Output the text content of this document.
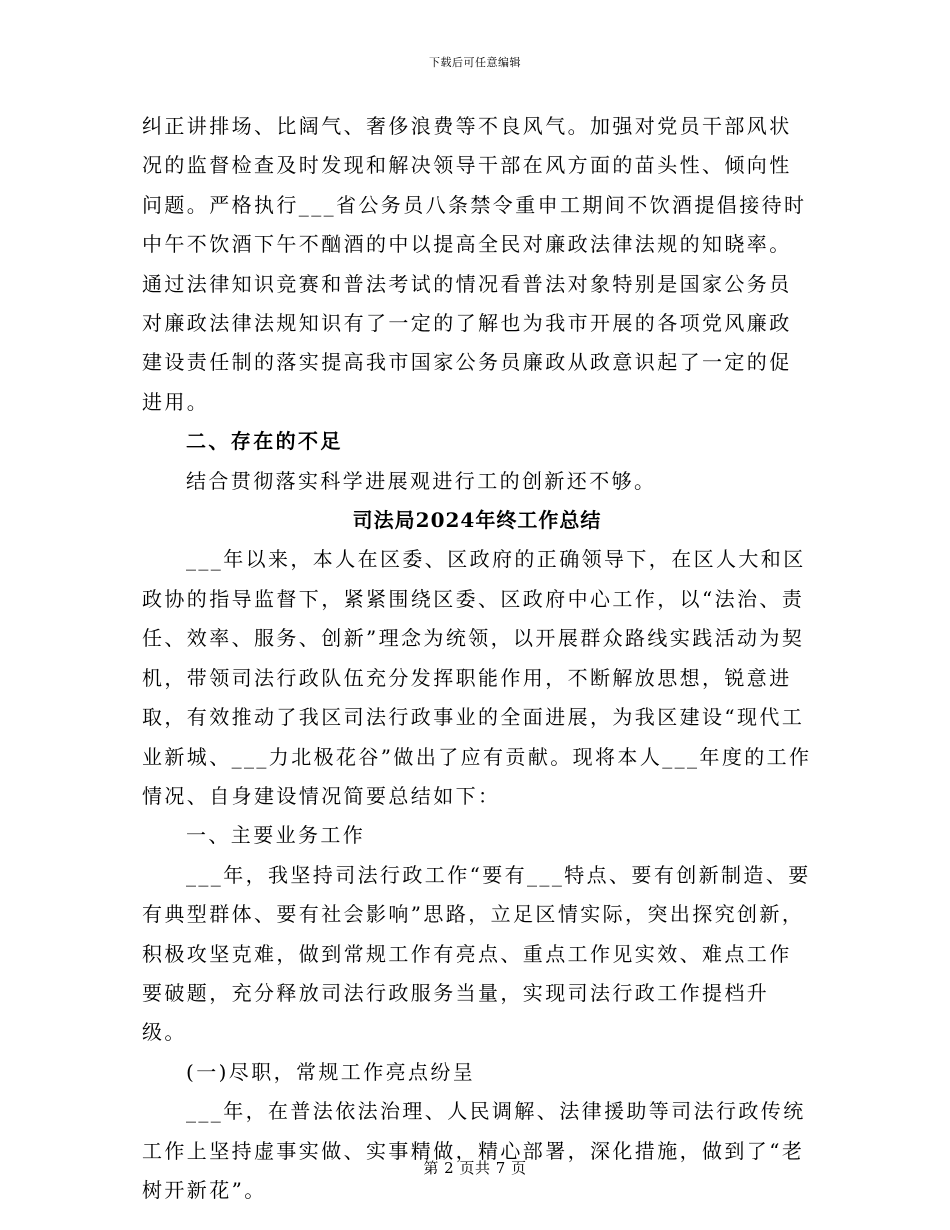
下载后可任意编辑

纠正讲排场、比阔气、奢侈浪费等不良风气。加强对党员干部风状况的监督检查及时发现和解决领导干部在风方面的苗头性、倾向性问题。严格执行___省公务员八条禁令重申工期间不饮酒提倡接待时中午不饮酒下午不酗酒的中以提高全民对廉政法律法规的知晓率。通过法律知识竞赛和普法考试的情况看普法对象特别是国家公务员对廉政法律法规知识有了一定的了解也为我市开展的各项党风廉政建设责任制的落实提高我市国家公务员廉政从政意识起了一定的促进用。

二、存在的不足

结合贯彻落实科学进展观进行工的创新还不够。

司法局2024年终工作总结

___年以来，本人在区委、区政府的正确领导下，在区人大和区政协的指导监督下，紧紧围绕区委、区政府中心工作，以“法治、责任、效率、服务、创新”理念为统领，以开展群众路线实践活动为契机，带领司法行政队伍充分发挥职能作用，不断解放思想，锐意进取，有效推动了我区司法行政事业的全面进展，为我区建设“现代工业新城、___力北极花谷”做出了应有贡献。现将本人___年度的工作情况、自身建设情况简要总结如下：

一、主要业务工作

___年，我坚持司法行政工作“要有___特点、要有创新制造、要有典型群体、要有社会影响”思路，立足区情实际，突出探究创新，积极攻坚克难，做到常规工作有亮点、重点工作见实效、难点工作要破题，充分释放司法行政服务当量，实现司法行政工作提档升级。

(一)尽职，常规工作亮点纷呈

___年，在普法依法治理、人民调解、法律援助等司法行政传统工作上坚持虚事实做、实事精做，精心部署，深化措施，做到了“老树开新花”。

第 2 页共 7 页
